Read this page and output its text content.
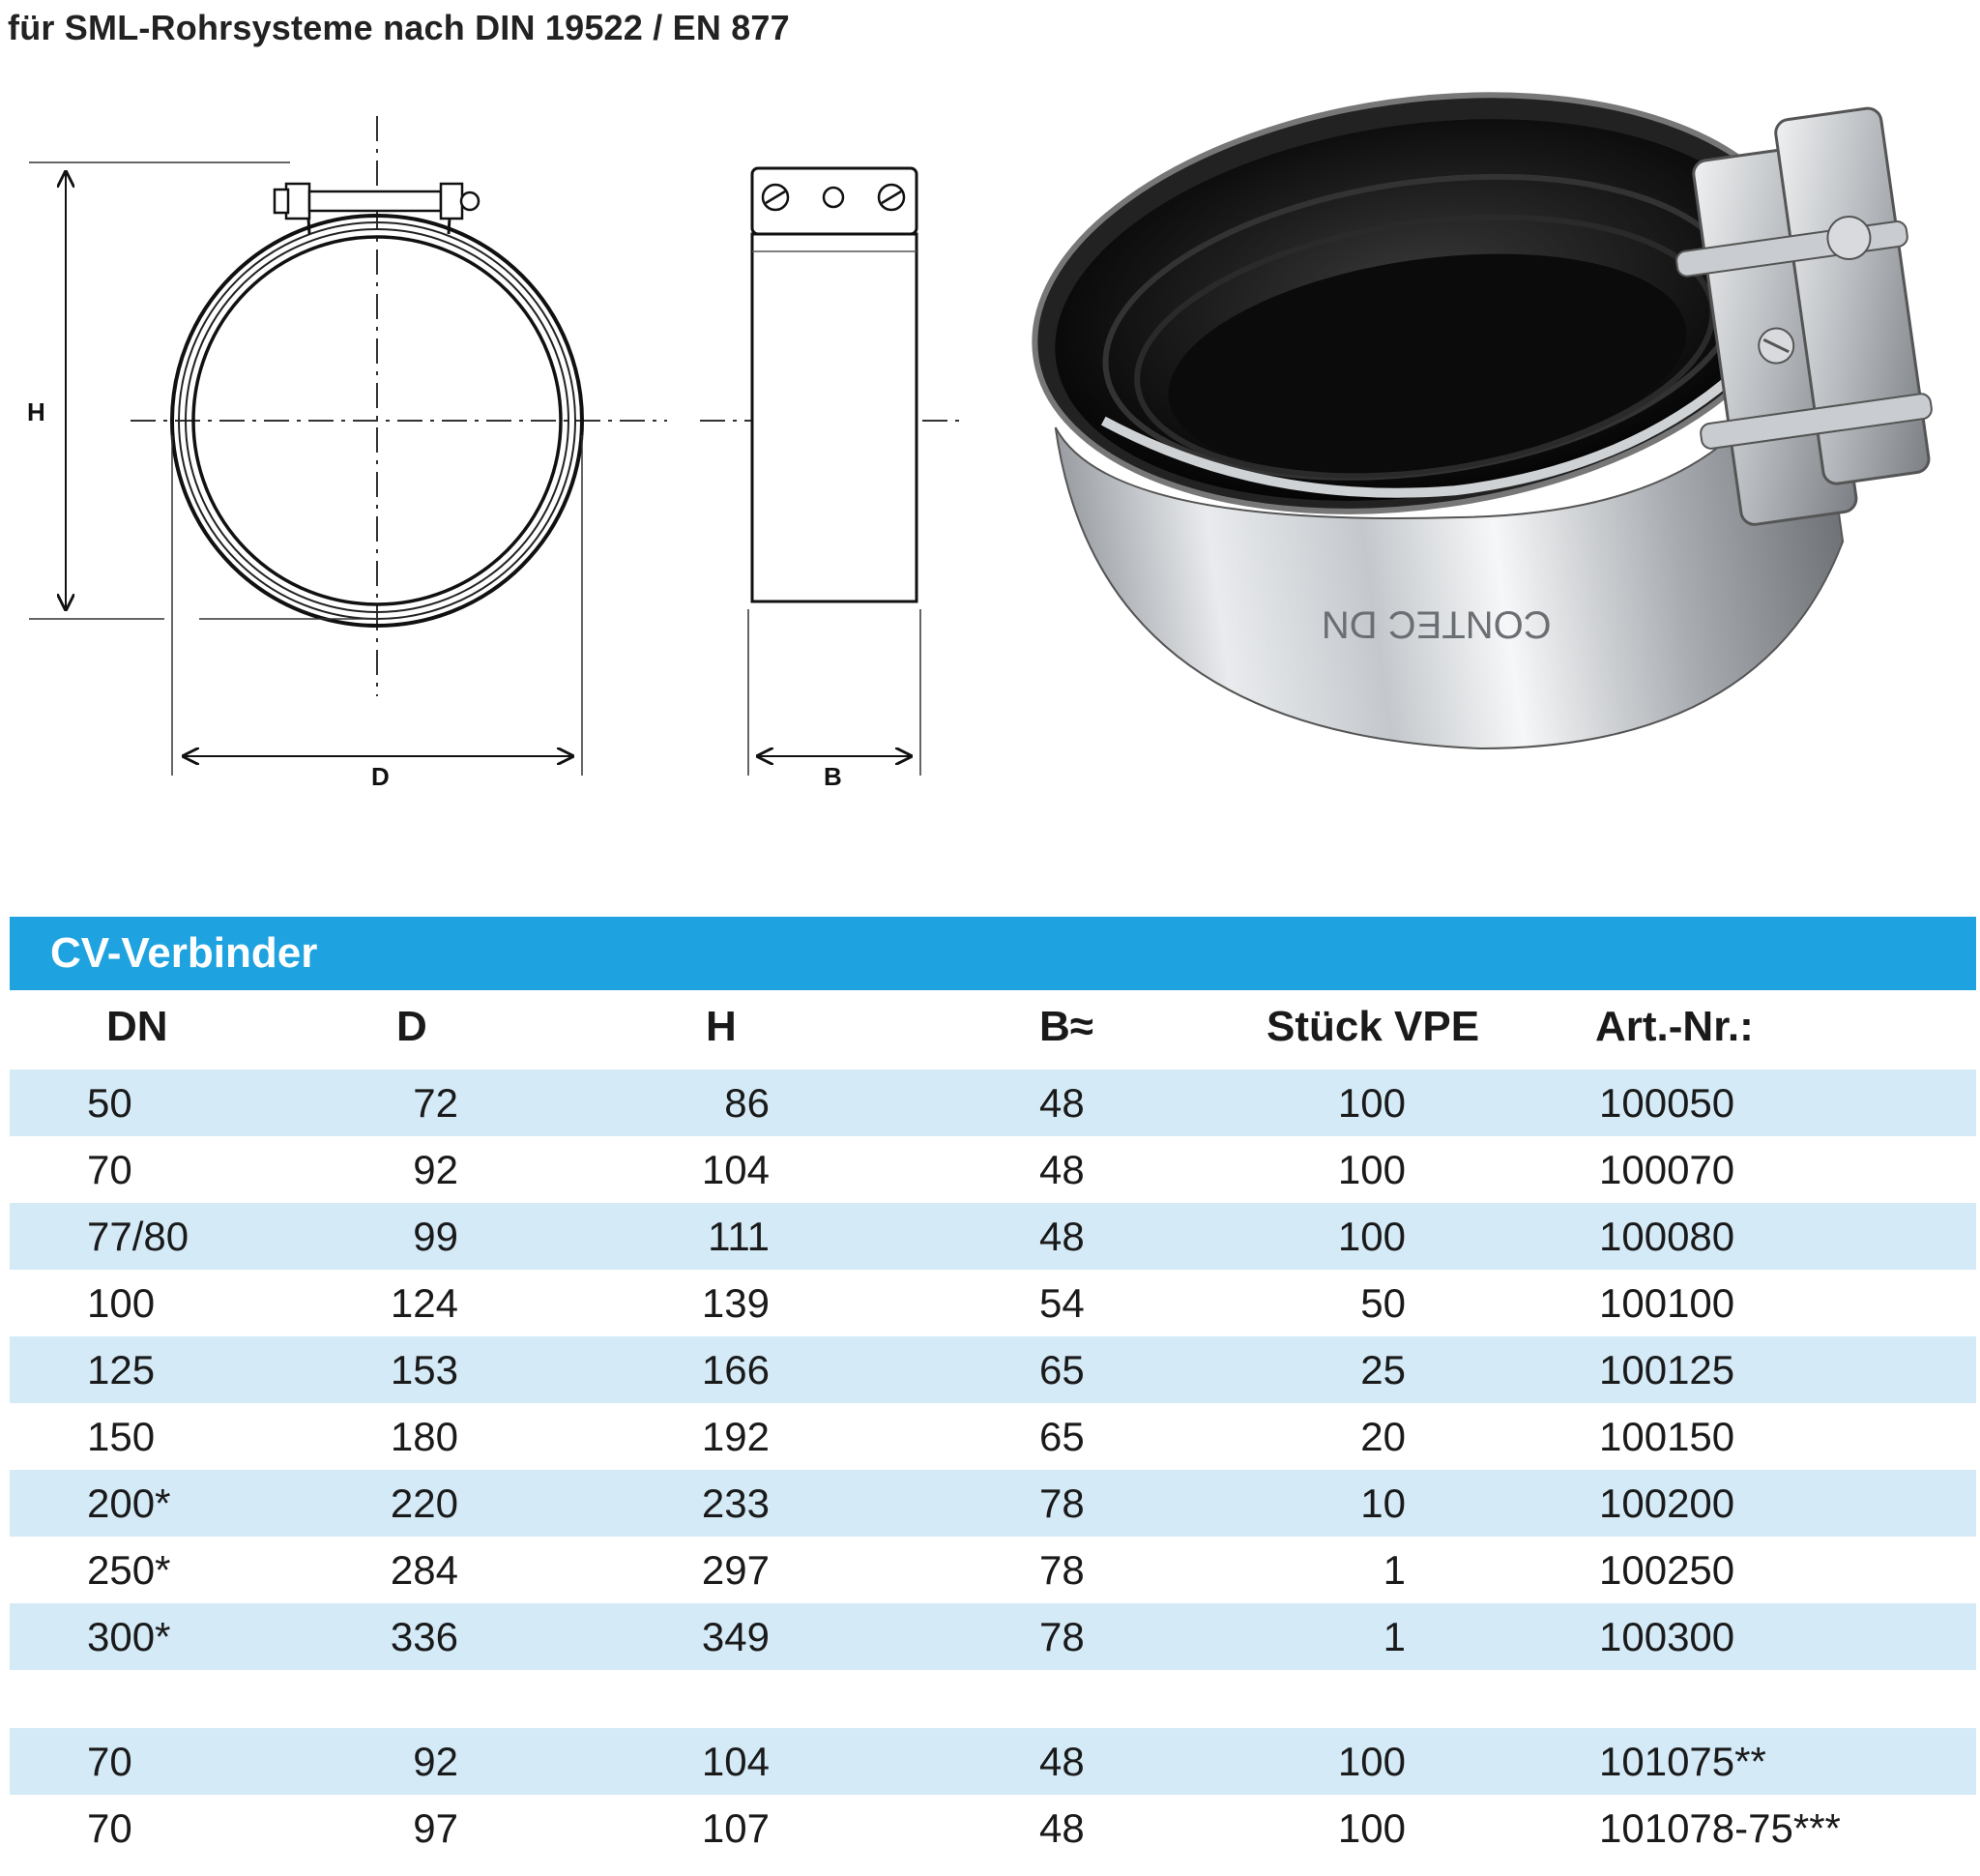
für SML-Rohrsysteme nach DIN 19522 / EN 877
H
D	B
CONTEC DN
CV-Verbinder
DN	D	H	B≈	Stück VPE	Art.-Nr.:
50	72	86	48	100	100050
70	92	104	48	100	100070
77/80	99	111	48	100	100080
100	124	139	54	50	100100
125	153	166	65	25	100125
150	180	192	65	20	100150
200*	220	233	78	10	100200
250*	284	297	78	1	100250
300*	336	349	78	1	100300
70	92	104	48	100	101075**
70	97	107	48	100	101078-75***
